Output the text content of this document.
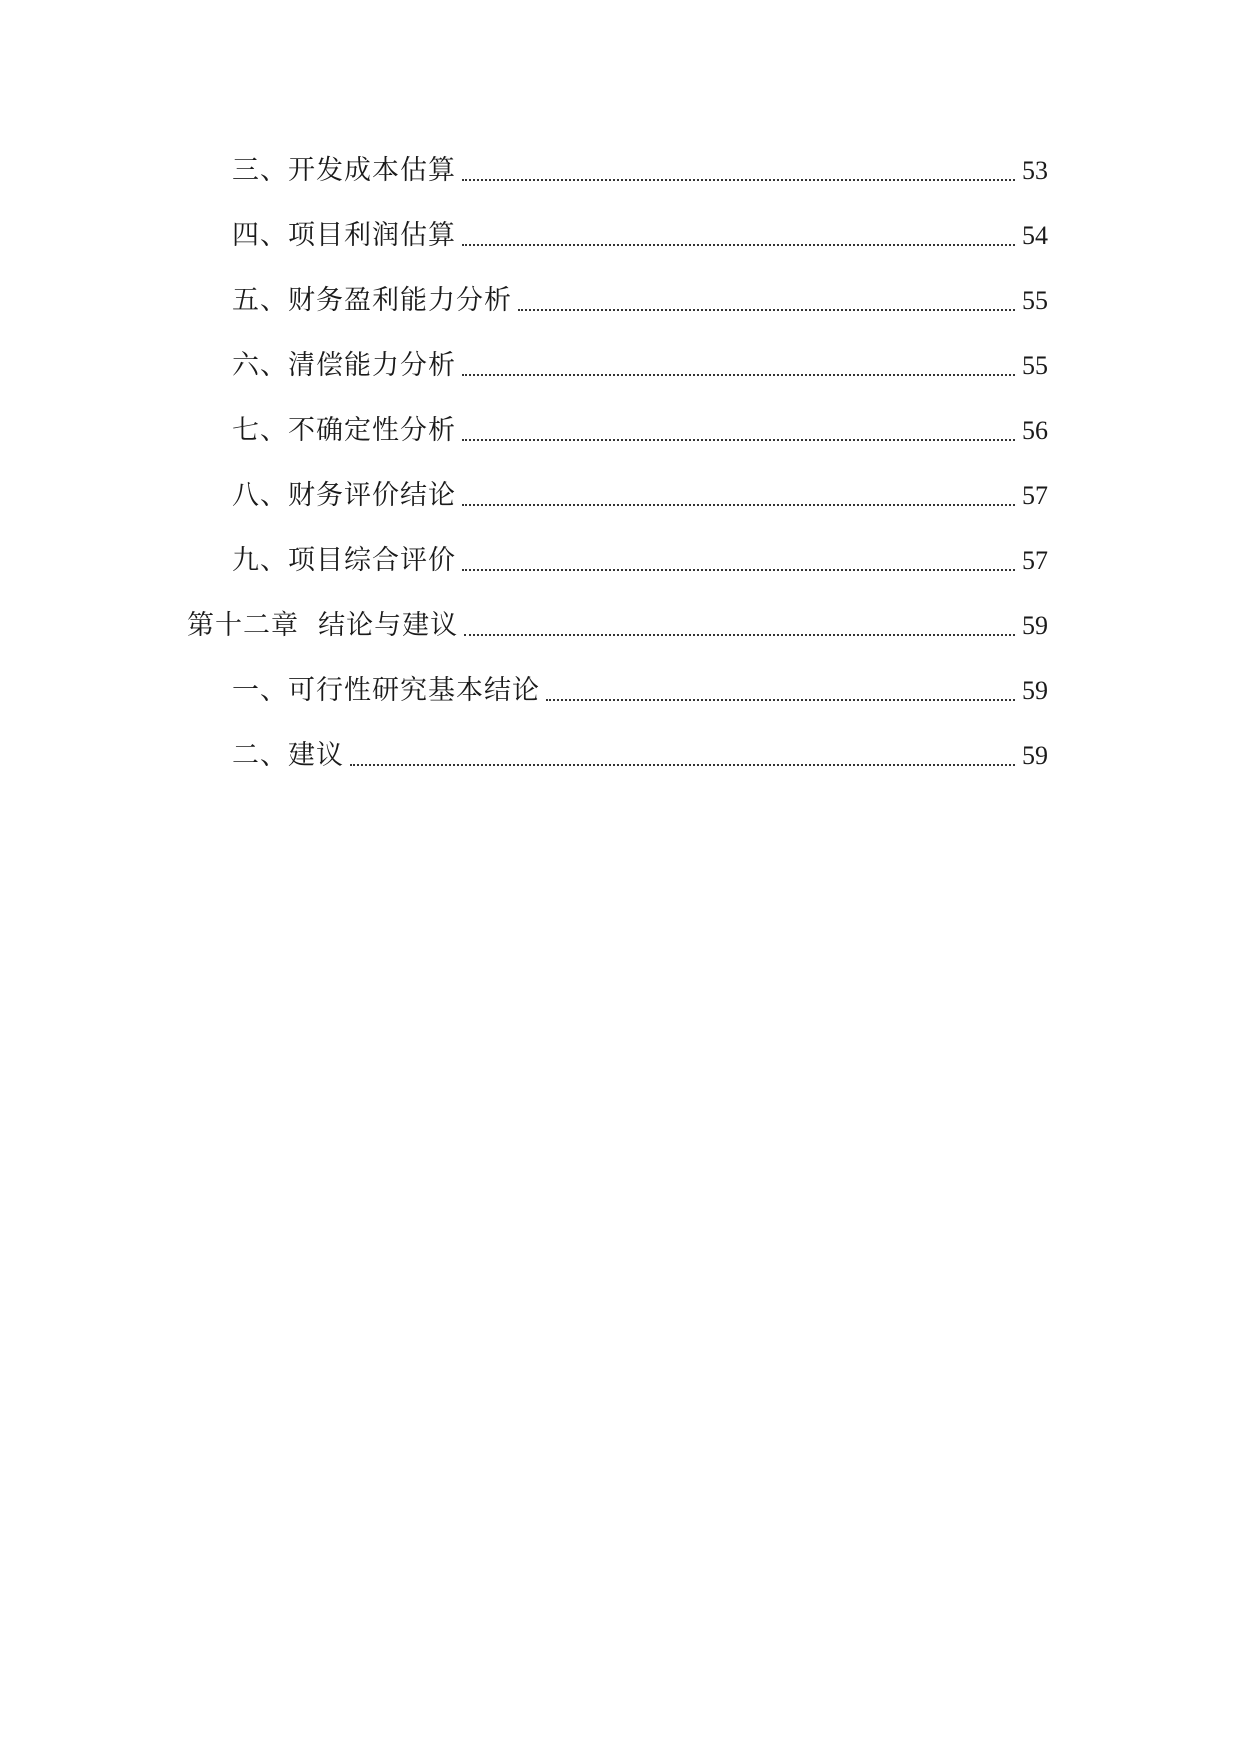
三、开发成本估算	53
四、项目利润估算	54
五、财务盈利能力分析	55
六、清偿能力分析	55
七、不确定性分析	56
八、财务评价结论	57
九、项目综合评价	57
第十二章  结论与建议	59
一、可行性研究基本结论	59
二、建议	59
